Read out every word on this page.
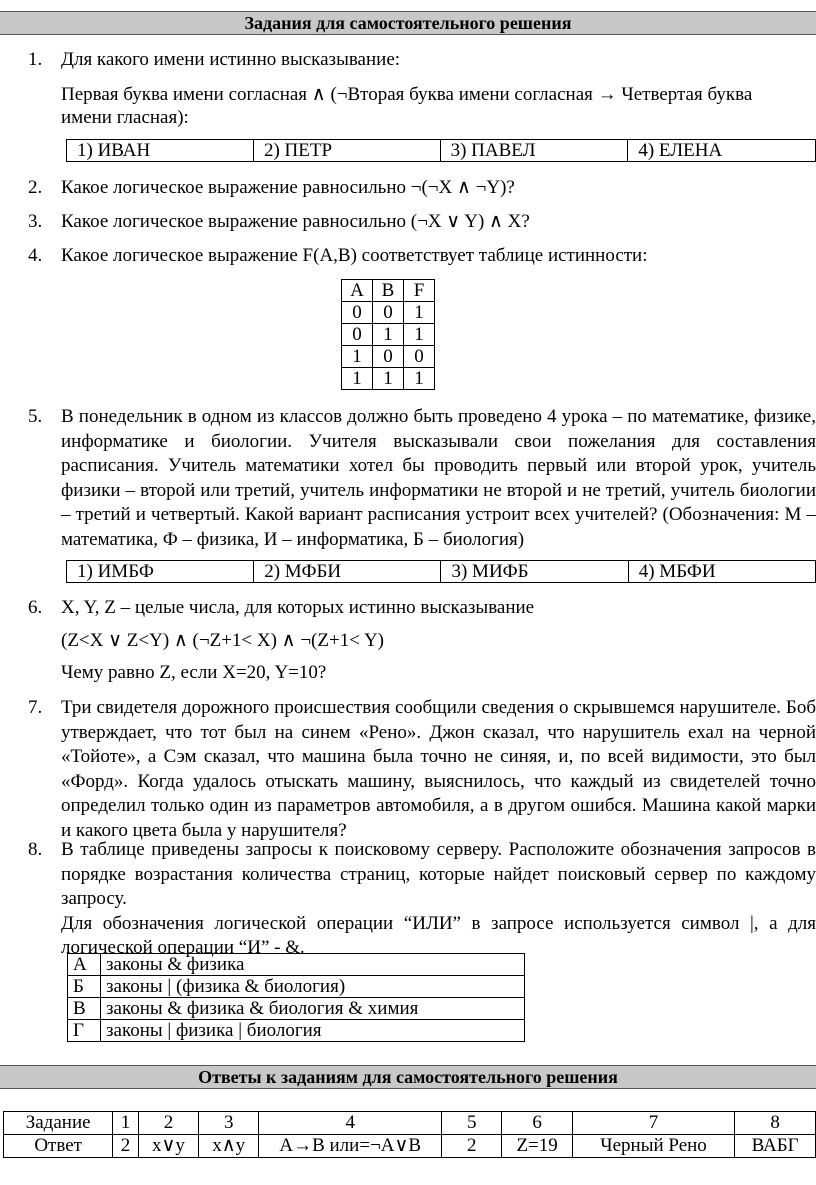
Задания для самостоятельного решения
1. Для какого имени истинно высказывание:
Первая буква имени согласная ∧ (¬Вторая буква имени согласная → Четвертая буква
имени гласная):
1) ИВАН	2) ПЕТР	3) ПАВЕЛ	4) ЕЛЕНА
2. Какое логическое выражение равносильно ¬(¬X ∧ ¬Y)?
3. Какое логическое выражение равносильно (¬X ∨ Y) ∧ X?
4. Какое логическое выражение F(A,B) соответствует таблице истинности:
A	B	F
0	0	1
0	1	1
1	0	0
1	1	1
5. В понедельник в одном из классов должно быть проведено 4 урока – по математике, физике, информатике и биологии. Учителя высказывали свои пожелания для составления расписания. Учитель математики хотел бы проводить первый или второй урок, учитель физики – второй или третий, учитель информатики не второй и не третий, учитель биологии – третий и четвертый. Какой вариант расписания устроит всех учителей? (Обозначения: М – математика, Ф – физика, И – информатика, Б – биология)
1) ИМБФ	2) МФБИ	3) МИФБ	4) МБФИ
6. X, Y, Z – целые числа, для которых истинно высказывание
(Z<X ∨ Z<Y) ∧ (¬Z+1< X) ∧ ¬(Z+1< Y)
Чему равно Z, если X=20, Y=10?
7. Три свидетеля дорожного происшествия сообщили сведения о скрывшемся нарушителе. Боб утверждает, что тот был на синем «Рено». Джон сказал, что нарушитель ехал на черной «Тойоте», а Сэм сказал, что машина была точно не синяя, и, по всей видимости, это был «Форд». Когда удалось отыскать машину, выяснилось, что каждый из свидетелей точно определил только один из параметров автомобиля, а в другом ошибся. Машина какой марки и какого цвета была у нарушителя?
8. В таблице приведены запросы к поисковому серверу. Расположите обозначения запросов в порядке возрастания количества страниц, которые найдет поисковый сервер по каждому запросу.
Для обозначения логической операции “ИЛИ” в запросе используется символ |, а для логической операции “И” - &.
А	законы & физика
Б	законы | (физика & биология)
В	законы & физика & биология & химия
Г	законы | физика | биология
Ответы к заданиям для самостоятельного решения
Задание	1	2	3	4	5	6	7	8
Ответ	2	x∨y	x∧y	A→B или=¬A∨B	2	Z=19	Черный Рено	ВАБГ
